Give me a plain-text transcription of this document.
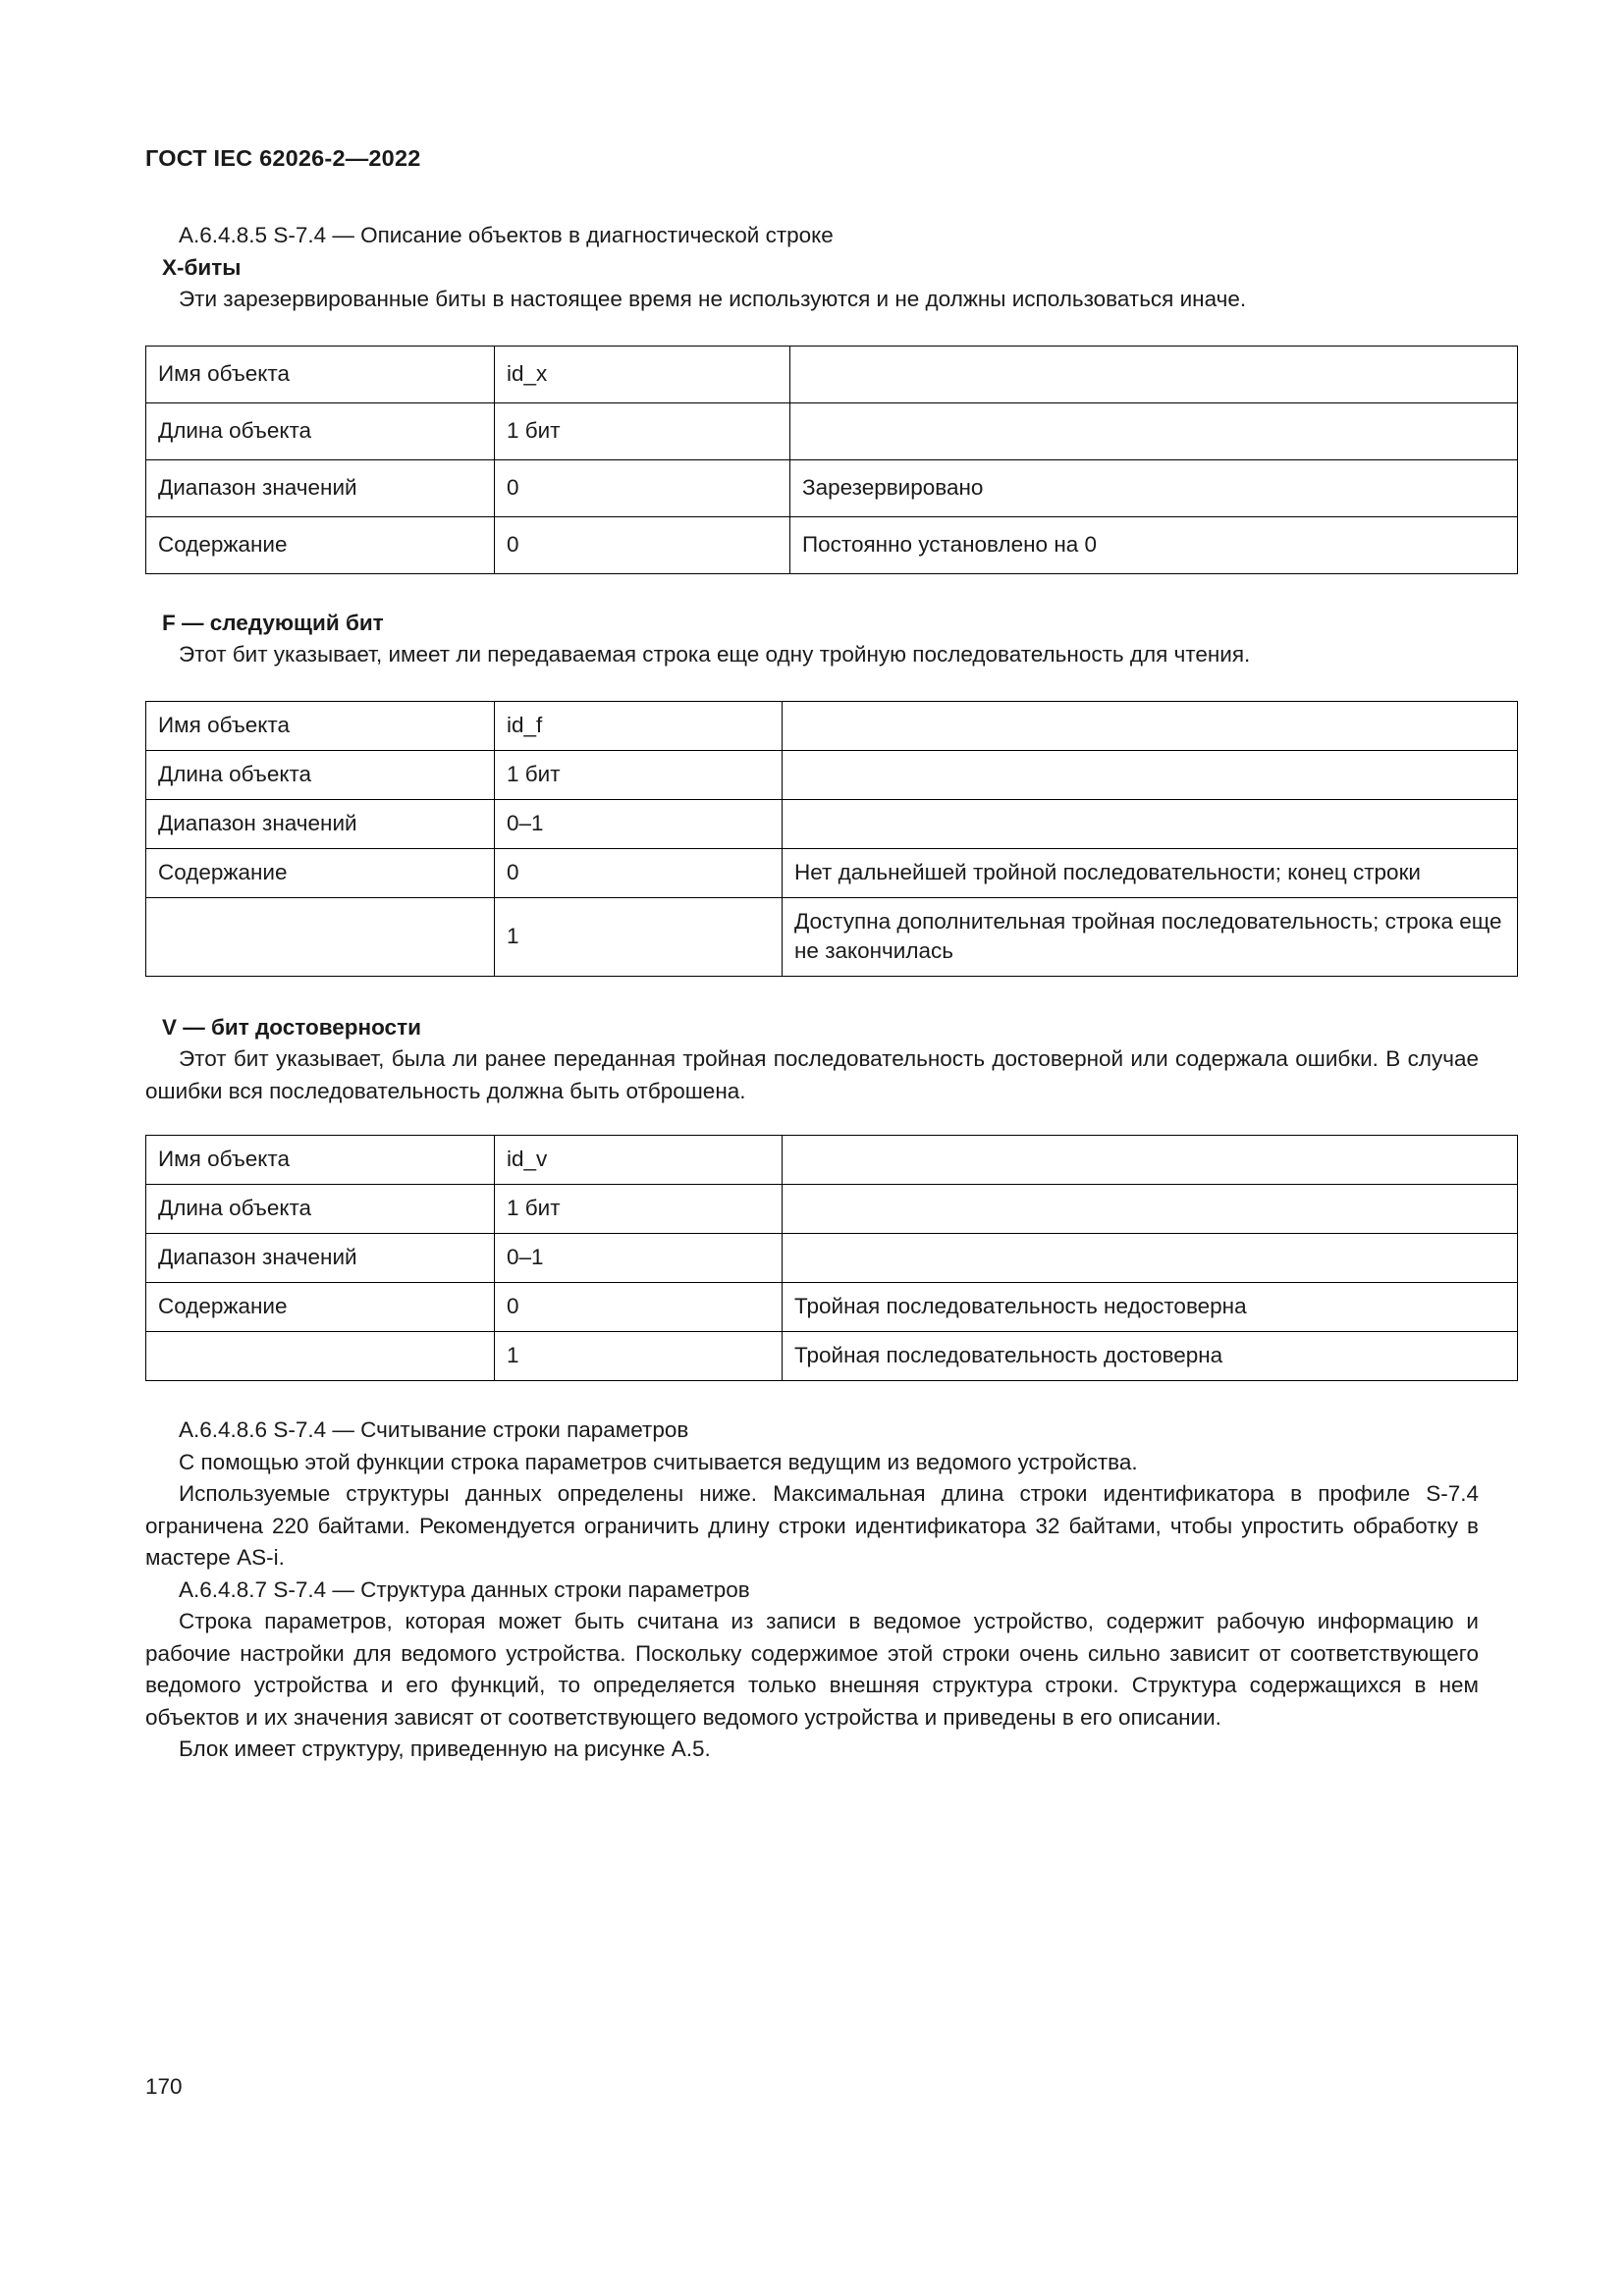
ГОСТ IEC 62026-2—2022

A.6.4.8.5 S-7.4 — Описание объектов в диагностической строке

X-биты

Эти зарезервированные биты в настоящее время не используются и не должны использоваться иначе.

Имя объекта	id_x	
Длина объекта	1 бит	
Диапазон значений	0	Зарезервировано
Содержание	0	Постоянно установлено на 0

F — следующий бит

Этот бит указывает, имеет ли передаваемая строка еще одну тройную последовательность для чтения.

Имя объекта	id_f	
Длина объекта	1 бит	
Диапазон значений	0–1	
Содержание	0	Нет дальнейшей тройной последовательности; конец строки
	1	Доступна дополнительная тройная последовательность; строка еще не закончилась

V — бит достоверности

Этот бит указывает, была ли ранее переданная тройная последовательность достоверной или содержала ошибки. В случае ошибки вся последовательность должна быть отброшена.

Имя объекта	id_v	
Длина объекта	1 бит	
Диапазон значений	0–1	
Содержание	0	Тройная последовательность недостоверна
	1	Тройная последовательность достоверна

A.6.4.8.6 S-7.4 — Считывание строки параметров

С помощью этой функции строка параметров считывается ведущим из ведомого устройства.

Используемые структуры данных определены ниже. Максимальная длина строки идентификатора в профиле S-7.4 ограничена 220 байтами. Рекомендуется ограничить длину строки идентификатора 32 байтами, чтобы упростить обработку в мастере AS-i.

A.6.4.8.7 S-7.4 — Структура данных строки параметров

Строка параметров, которая может быть считана из записи в ведомое устройство, содержит рабочую информацию и рабочие настройки для ведомого устройства. Поскольку содержимое этой строки очень сильно зависит от соответствующего ведомого устройства и его функций, то определяется только внешняя структура строки. Структура содержащихся в нем объектов и их значения зависят от соответствующего ведомого устройства и приведены в его описании.

Блок имеет структуру, приведенную на рисунке А.5.

170
